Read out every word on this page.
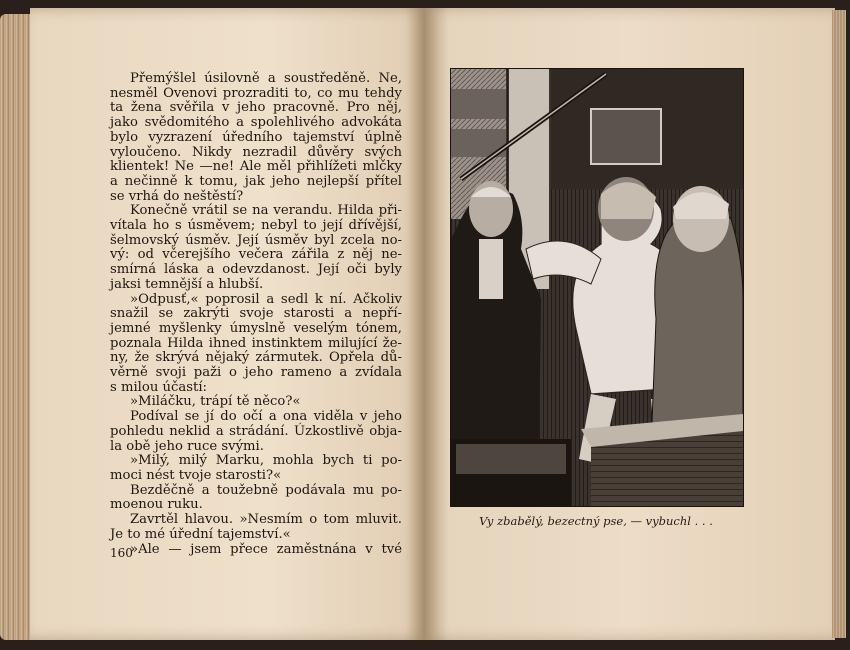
Přemýšlel úsilovně a soustředěně. Ne,
nesměl Ovenovi prozraditi to, co mu tehdy
ta žena svěřila v jeho pracovně. Pro něj,
jako svědomitého a spolehlivého advokáta
bylo vyzrazení úředního tajemství úplně
vyloučeno. Nikdy nezradil důvěry svých
klientek! Ne —ne! Ale měl přihlížeti mlčky
a nečinně k tomu, jak jeho nejlepší přítel
se vrhá do neštěstí?
Konečně vrátil se na verandu. Hilda při-
vítala ho s úsměvem; nebyl to její dřívější,
šelmovský úsměv. Její úsměv byl zcela no-
vý: od včerejšího večera zářila z něj ne-
smírná láska a odevzdanost. Její oči byly
jaksi temnější a hlubší.
»Odpusť,« poprosil a sedl k ní. Ačkoliv
snažil se zakrýti svoje starosti a nepří-
jemné myšlenky úmyslně veselým tónem,
poznala Hilda ihned instinktem milující že-
ny, že skrývá nějaký zármutek. Opřela dů-
věrně svoji paži o jeho rameno a zvídala
s milou účastí:
»Miláčku, trápí tě něco?«
Podíval se jí do očí a ona viděla v jeho
pohledu neklid a strádání. Úzkostlivě obja-
la obě jeho ruce svými.
»Milý, milý Marku, mohla bych ti po-
moci nést tvoje starosti?«
Bezděčně a toužebně podávala mu po-
moenou ruku.
Zavrtěl hlavou. »Nesmím o tom mluvit.
Je to mé úřední tajemství.«
»Ale — jsem přece zaměstnána v tvé
160
Vy zbabělý, bezectný pse, — vybuchl . . .
